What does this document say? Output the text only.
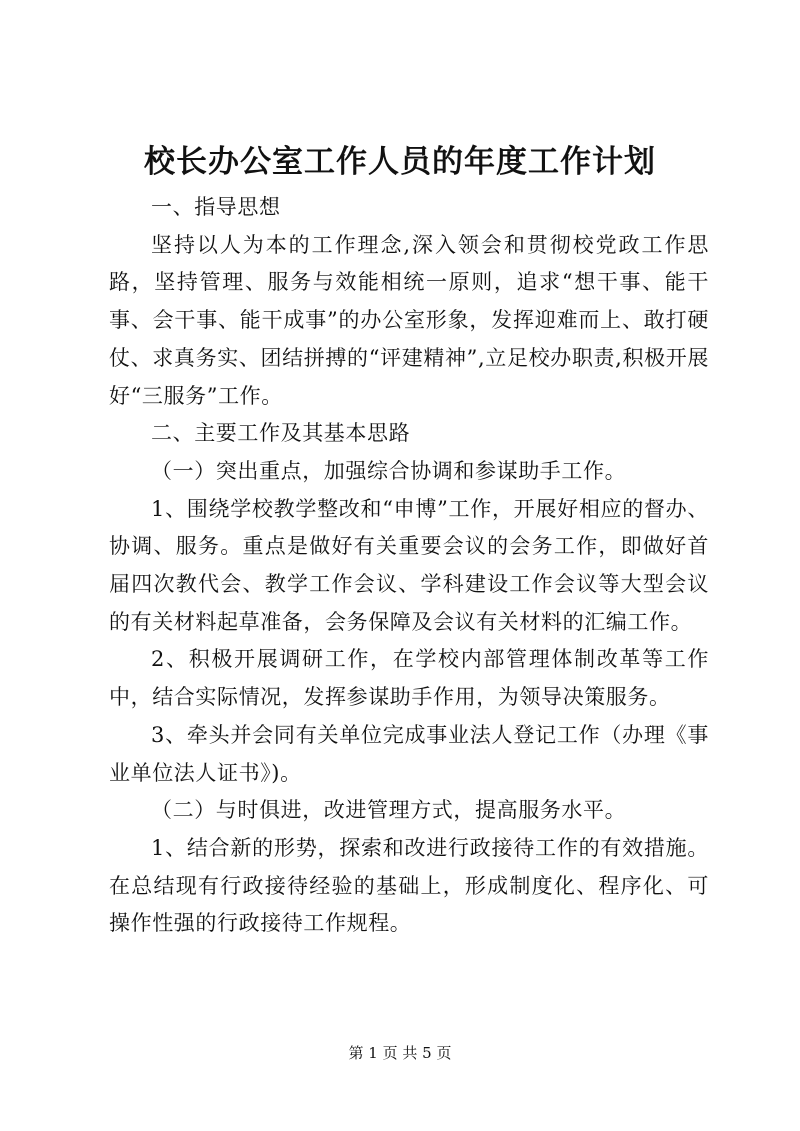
校长办公室工作人员的年度工作计划

一、指导思想

坚持以人为本的工作理念,深入领会和贯彻校党政工作思路，坚持管理、服务与效能相统一原则，追求“想干事、能干事、会干事、能干成事”的办公室形象，发挥迎难而上、敢打硬仗、求真务实、团结拼搏的“评建精神”,立足校办职责,积极开展好“三服务”工作。

二、主要工作及其基本思路

（一）突出重点，加强综合协调和参谋助手工作。

1、围绕学校教学整改和“申博”工作，开展好相应的督办、协调、服务。重点是做好有关重要会议的会务工作，即做好首届四次教代会、教学工作会议、学科建设工作会议等大型会议的有关材料起草准备，会务保障及会议有关材料的汇编工作。

2、积极开展调研工作，在学校内部管理体制改革等工作中，结合实际情况，发挥参谋助手作用，为领导决策服务。

3、牵头并会同有关单位完成事业法人登记工作（办理《事业单位法人证书》)。

（二）与时俱进，改进管理方式，提高服务水平。

1、结合新的形势，探索和改进行政接待工作的有效措施。在总结现有行政接待经验的基础上，形成制度化、程序化、可操作性强的行政接待工作规程。

第 1 页 共 5 页
